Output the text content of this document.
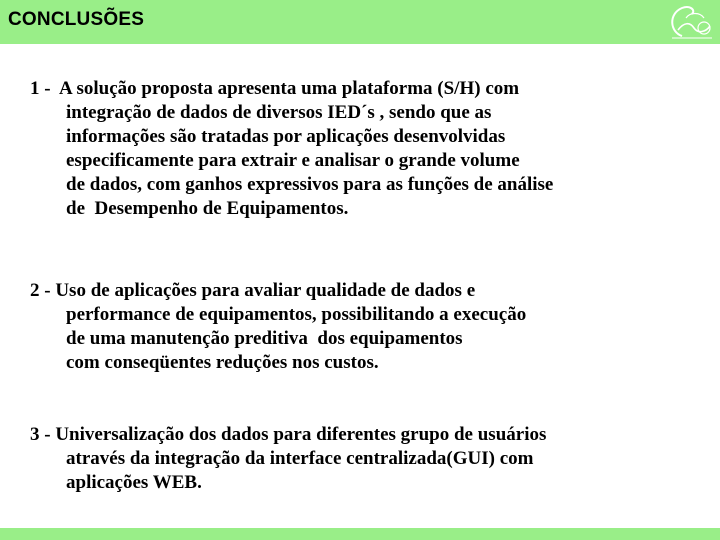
CONCLUSÕES
1 -  A solução proposta apresenta uma plataforma (S/H) com
integração de dados de diversos IED´s , sendo que as
informações são tratadas por aplicações desenvolvidas
especificamente para extrair e analisar o grande volume
de dados, com ganhos expressivos para as funções de análise
de  Desempenho de Equipamentos.
2 - Uso de aplicações para avaliar qualidade de dados e
performance de equipamentos, possibilitando a execução
de uma manutenção preditiva  dos equipamentos
com conseqüentes reduções nos custos.
3 - Universalização dos dados para diferentes grupo de usuários
através da integração da interface centralizada(GUI) com
aplicações WEB.
